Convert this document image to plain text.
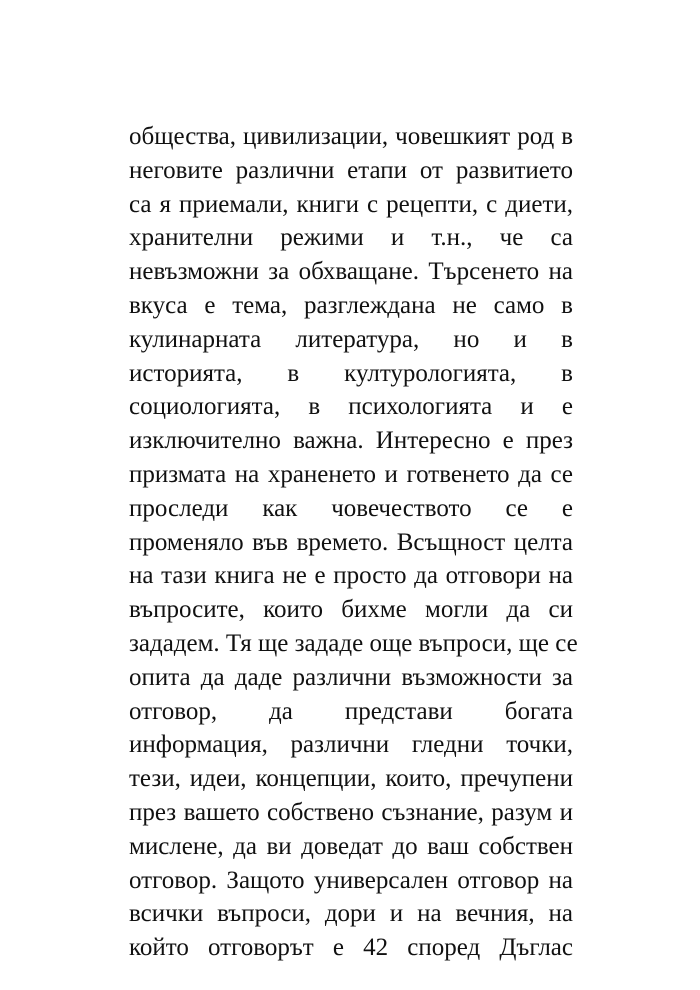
общества, цивилизации, човешкият род в
неговите различни етапи от развитието
са я приемали, книги с рецепти, с диети,
хранителни режими и т.н., че са
невъзможни за обхващане. Търсенето на
вкуса е тема, разглеждана не само в
кулинарната литература, но и в
историята, в културологията, в
социологията, в психологията и е
изключително важна. Интересно е през
призмата на храненето и готвенето да се
проследи как човечеството се е
променяло във времето. Всъщност целта
на тази книга не е просто да отговори на
въпросите, които бихме могли да си
зададем. Тя ще зададе още въпроси, ще се
опита да даде различни възможности за
отговор, да представи богата
информация, различни гледни точки,
тези, идеи, концепции, които, пречупени
през вашето собствено съзнание, разум и
мислене, да ви доведат до ваш собствен
отговор. Защото универсален отговор на
всички въпроси, дори и на вечния, на
който отговорът е 42 според Дъглас
